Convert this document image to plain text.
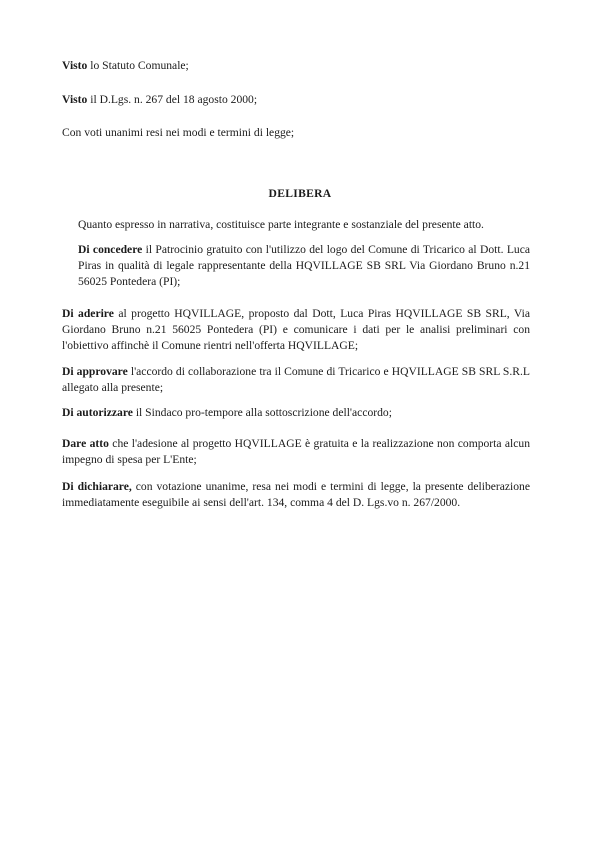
Visto lo Statuto Comunale;
Visto il D.Lgs. n. 267 del 18 agosto 2000;
Con voti unanimi resi nei modi e termini di legge;
DELIBERA
Quanto espresso in narrativa, costituisce parte integrante e sostanziale del presente atto.
Di concedere il Patrocinio gratuito con l'utilizzo del logo del Comune di Tricarico al Dott. Luca Piras in qualità di legale rappresentante della HQVILLAGE SB SRL Via Giordano Bruno n.21 56025 Pontedera (PI);
Di aderire al progetto HQVILLAGE, proposto dal Dott, Luca Piras HQVILLAGE SB SRL, Via Giordano Bruno n.21 56025 Pontedera (PI) e comunicare i dati per le analisi preliminari con l'obiettivo affinchè il Comune rientri nell'offerta HQVILLAGE;
Di approvare l'accordo di collaborazione tra il Comune di Tricarico e HQVILLAGE SB SRL S.R.L allegato alla presente;
Di autorizzare il Sindaco pro-tempore alla sottoscrizione dell'accordo;
Dare atto che l'adesione al progetto HQVILLAGE è gratuita e la realizzazione non comporta alcun impegno di spesa per L'Ente;
Di dichiarare, con votazione unanime, resa nei modi e termini di legge, la presente deliberazione immediatamente eseguibile ai sensi dell'art. 134, comma 4 del D. Lgs.vo n. 267/2000.
